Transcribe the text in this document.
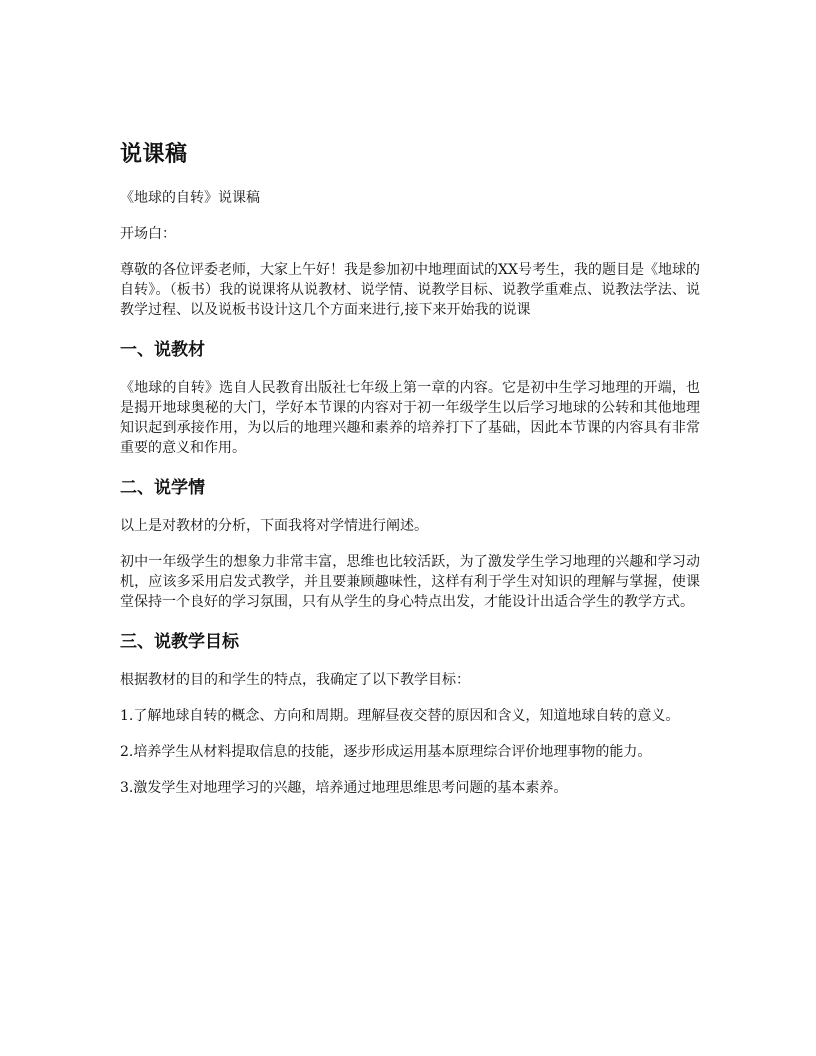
说课稿

《地球的自转》说课稿

开场白：

尊敬的各位评委老师，大家上午好！我是参加初中地理面试的XX号考生，我的题目是《地球的自转》。（板书）我的说课将从说教材、说学情、说教学目标、说教学重难点、说教法学法、说教学过程、以及说板书设计这几个方面来进行,接下来开始我的说课

一、说教材

《地球的自转》选自人民教育出版社七年级上第一章的内容。它是初中生学习地理的开端，也是揭开地球奥秘的大门，学好本节课的内容对于初一年级学生以后学习地球的公转和其他地理知识起到承接作用，为以后的地理兴趣和素养的培养打下了基础，因此本节课的内容具有非常重要的意义和作用。

二、说学情

以上是对教材的分析，下面我将对学情进行阐述。

初中一年级学生的想象力非常丰富，思维也比较活跃，为了激发学生学习地理的兴趣和学习动机，应该多采用启发式教学，并且要兼顾趣味性，这样有利于学生对知识的理解与掌握，使课堂保持一个良好的学习氛围，只有从学生的身心特点出发，才能设计出适合学生的教学方式。

三、说教学目标

根据教材的目的和学生的特点，我确定了以下教学目标：

1.了解地球自转的概念、方向和周期。理解昼夜交替的原因和含义，知道地球自转的意义。

2.培养学生从材料提取信息的技能，逐步形成运用基本原理综合评价地理事物的能力。

3.激发学生对地理学习的兴趣，培养通过地理思维思考问题的基本素养。
